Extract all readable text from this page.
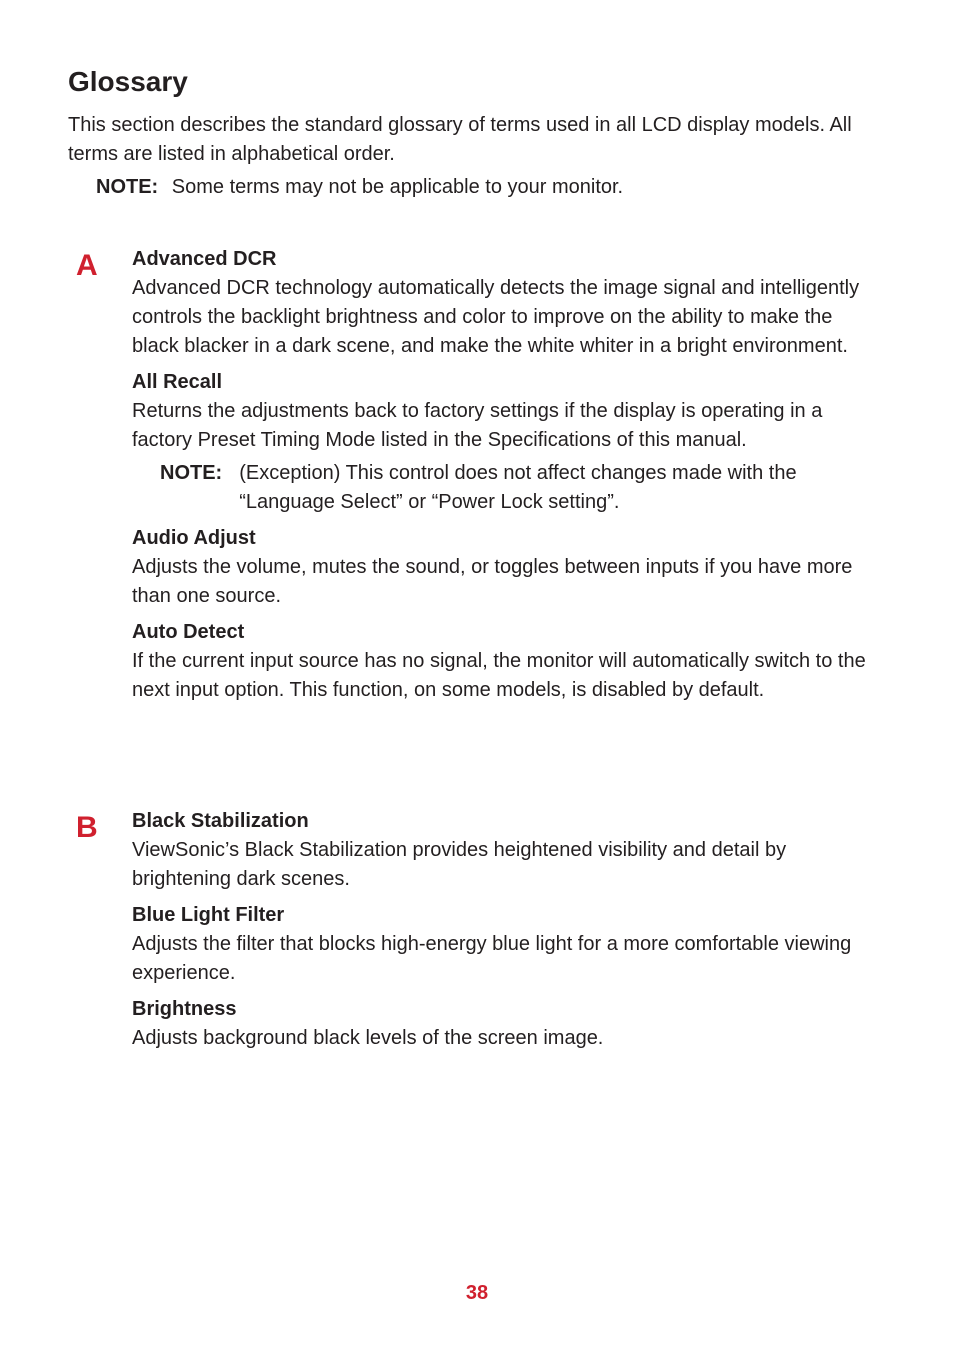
Glossary

This section describes the standard glossary of terms used in all LCD display models. All terms are listed in alphabetical order.

NOTE: Some terms may not be applicable to your monitor.

A Advanced DCR

Advanced DCR technology automatically detects the image signal and intelligently controls the backlight brightness and color to improve on the ability to make the black blacker in a dark scene, and make the white whiter in a bright environment.

All Recall

Returns the adjustments back to factory settings if the display is operating in a factory Preset Timing Mode listed in the Specifications of this manual.

NOTE: (Exception) This control does not affect changes made with the “Language Select” or “Power Lock setting”.

Audio Adjust

Adjusts the volume, mutes the sound, or toggles between inputs if you have more than one source.

Auto Detect

If the current input source has no signal, the monitor will automatically switch to the next input option. This function, on some models, is disabled by default.

B Black Stabilization

ViewSonic’s Black Stabilization provides heightened visibility and detail by brightening dark scenes.

Blue Light Filter

Adjusts the filter that blocks high-energy blue light for a more comfortable viewing experience.

Brightness

Adjusts background black levels of the screen image.

38
